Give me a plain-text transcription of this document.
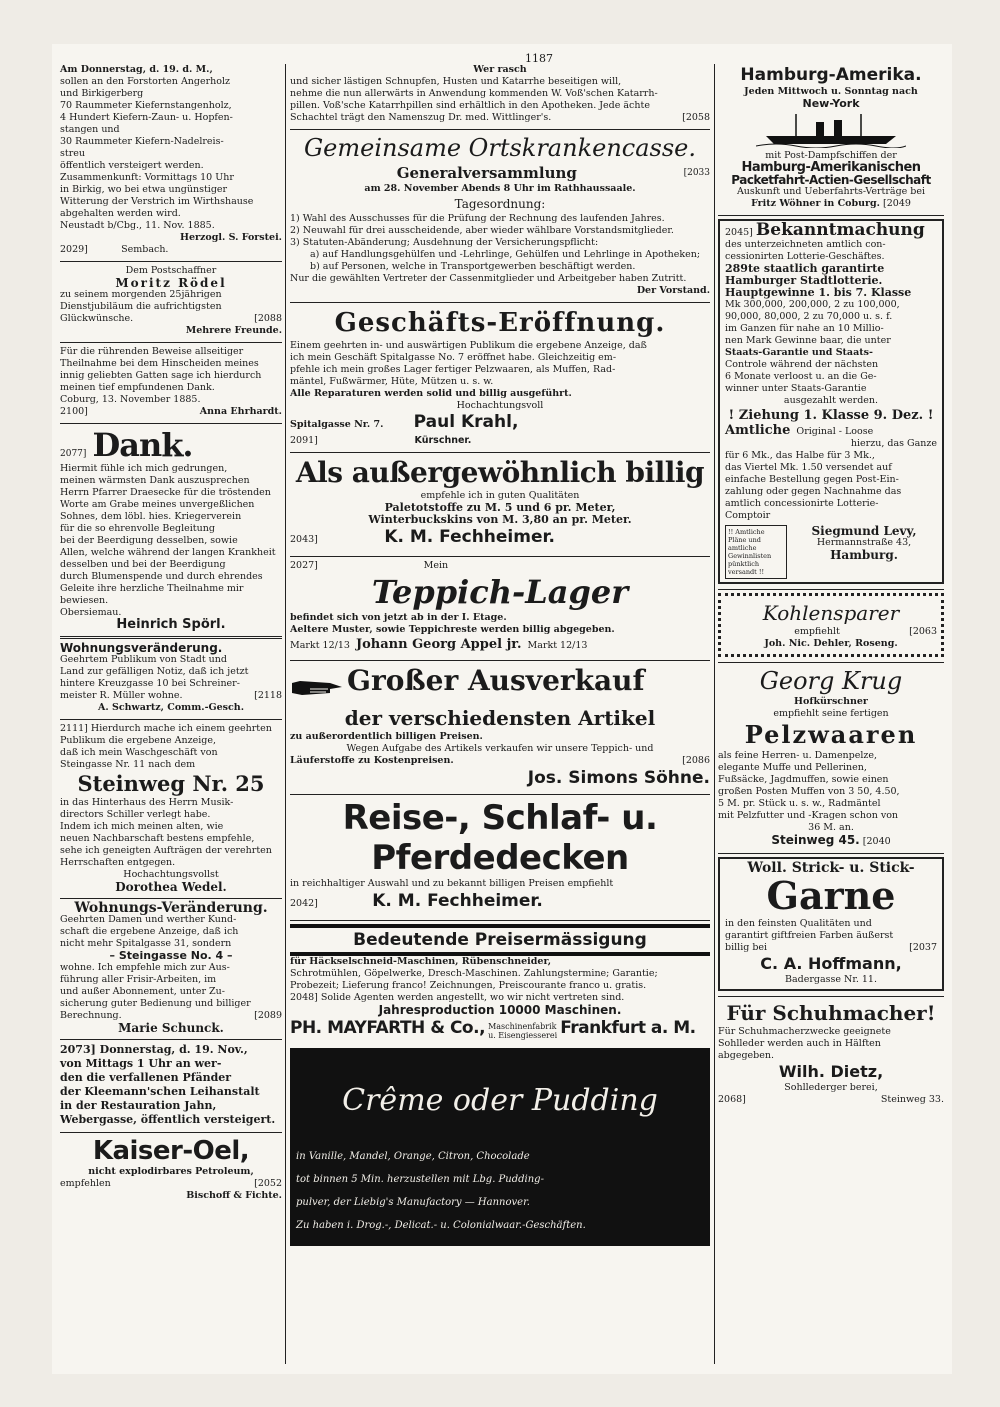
1187

Am Donnerstag, d. 19. d. M.,

sollen an den Forstorten Angerholz

und Birkigerberg

70 Raummeter Kiefernstangenholz,

4 Hundert Kiefern-Zaun- u. Hopfen-

stangen und

30 Raummeter Kiefern-Nadelreis-

streu

öffentlich versteigert werden.

Zusammenkunft: Vormittags 10 Uhr

in Birkig, wo bei etwa ungünstiger

Witterung der Verstrich im Wirthshause

abgehalten werden wird.

Neustadt b/Cbg., 11. Nov. 1885.

Herzogl. S. Forstei.

2029]	Sembach.

Dem Postschaffner

Moritz Rödel

zu seinem morgenden 25jährigen

Dienstjubiläum die aufrichtigsten

Glückwünsche.	[2088

Mehrere Freunde.

Für die rührenden Beweise allseitiger

Theilnahme bei dem Hinscheiden meines

innig geliebten Gatten sage ich hierdurch

meinen tief empfundenen Dank.

Coburg, 13. November 1885.

2100]	Anna Ehrhardt.

2077] Dank.

Hiermit fühle ich mich gedrungen,

meinen wärmsten Dank auszusprechen

Herrn Pfarrer Draesecke für die tröstenden

Worte am Grabe meines unvergeßlichen

Sohnes, dem löbl. hies. Kriegerverein

für die so ehrenvolle Begleitung

bei der Beerdigung desselben, sowie

Allen, welche während der langen Krankheit

desselben und bei der Beerdigung

durch Blumenspende und durch ehrendes

Geleite ihre herzliche Theilnahme mir

bewiesen.

Obersiemau.

Heinrich Spörl.

Wohnungsveränderung.

Geehrtem Publikum von Stadt und

Land zur gefälligen Notiz, daß ich jetzt

hintere Kreuzgasse 10 bei Schreiner-

meister R. Müller wohne.	[2118

A. Schwartz, Comm.-Gesch.

2111] Hierdurch mache ich einem geehrten

Publikum die ergebene Anzeige,

daß ich mein Waschgeschäft von

Steingasse Nr. 11 nach dem

Steinweg Nr. 25

in das Hinterhaus des Herrn Musik-

directors Schiller verlegt habe.

Indem ich mich meinen alten, wie

neuen Nachbarschaft bestens empfehle,

sehe ich geneigten Aufträgen der verehrten

Herrschaften entgegen.

Hochachtungsvollst

Dorothea Wedel.

Wohnungs-Veränderung.

Geehrten Damen und werther Kund-

schaft die ergebene Anzeige, daß ich

nicht mehr Spitalgasse 31, sondern

– Steingasse No. 4 –

wohne. Ich empfehle mich zur Aus-

führung aller Frisir-Arbeiten, im

und außer Abonnement, unter Zu-

sicherung guter Bedienung und billiger

Berechnung.	[2089

Marie Schunck.

2073] Donnerstag, d. 19. Nov.,

von Mittags 1 Uhr an wer-

den die verfallenen Pfänder

der Kleemann'schen Leihanstalt

in der Restauration Jahn,

Webergasse, öffentlich versteigert.

Kaiser-Oel,

nicht explodirbares Petroleum,

empfehlen	[2052

Bischoff & Fichte.

Wer rasch

und sicher lästigen Schnupfen, Husten und Katarrhe beseitigen will,

nehme die nun allerwärts in Anwendung kommenden W. Voß'schen Katarrh-

pillen. Voß'sche Katarrhpillen sind erhältlich in den Apotheken. Jede ächte

Schachtel trägt den Namenszug Dr. med. Wittlinger's.	[2058

Gemeinsame Ortskrankencasse.

Generalversammlung	[2033

am 28. November Abends 8 Uhr im Rathhaussaale.

Tagesordnung:

1) Wahl des Ausschusses für die Prüfung der Rechnung des laufenden Jahres.

2) Neuwahl für drei ausscheidende, aber wieder wählbare Vorstandsmitglieder.

3) Statuten-Abänderung; Ausdehnung der Versicherungspflicht:

a) auf Handlungsgehülfen und -Lehrlinge, Gehülfen und Lehrlinge in Apotheken;

b) auf Personen, welche in Transportgewerben beschäftigt werden.

Nur die gewählten Vertreter der Cassenmitglieder und Arbeitgeber haben Zutritt.

Der Vorstand.

Geschäfts-Eröffnung.

Einem geehrten in- und auswärtigen Publikum die ergebene Anzeige, daß

ich mein Geschäft Spitalgasse No. 7 eröffnet habe. Gleichzeitig em-

pfehle ich mein großes Lager fertiger Pelzwaaren, als Muffen, Rad-

mäntel, Fußwärmer, Hüte, Mützen u. s. w.

Alle Reparaturen werden solid und billig ausgeführt.

Hochachtungsvoll

Spitalgasse Nr. 7. Paul Krahl,

2091]	Kürschner.

Als außergewöhnlich billig

empfehle ich in guten Qualitäten

Paletotstoffe zu M. 5 und 6 pr. Meter,

Winterbuckskins von M. 3,80 an pr. Meter.

2043]	K. M. Fechheimer.

2027]	Mein

Teppich-Lager

befindet sich von jetzt ab in der I. Etage.

Aeltere Muster, sowie Teppichreste werden billig abgegeben.

Markt 12/13 Johann Georg Appel jr. Markt 12/13

Großer Ausverkauf

der verschiedensten Artikel

zu außerordentlich billigen Preisen.

Wegen Aufgabe des Artikels verkaufen wir unsere Teppich- und

Läuferstoffe zu Kostenpreisen.	[2086

Jos. Simons Söhne.

Reise-, Schlaf- u. Pferdedecken

in reichhaltiger Auswahl und zu bekannt billigen Preisen empfiehlt

2042]	K. M. Fechheimer.

Bedeutende Preisermässigung

für Häckselschneid-Maschinen, Rübenschneider,

Schrotmühlen, Göpelwerke, Dresch-Maschinen. Zahlungstermine; Garantie;

Probezeit; Lieferung franco! Zeichnungen, Preiscourante franco u. gratis.

2048] Solide Agenten werden angestellt, wo wir nicht vertreten sind.

Jahresproduction 10000 Maschinen.

PH. MAYFARTH & Co., Maschinenfabrik
u. Eisengiesserei Frankfurt a. M.

Crême oder Pudding

in Vanille, Mandel, Orange, Citron, Chocolade

tot binnen 5 Min. herzustellen mit Lbg. Pudding-

pulver, der Liebig's Manufactory — Hannover.

Zu haben i. Drog.-, Delicat.- u. Colonialwaar.-Geschäften.

Hamburg-Amerika.

Jeden Mittwoch u. Sonntag nach

New-York

mit Post-Dampfschiffen der

Hamburg-Amerikanischen

Packetfahrt-Actien-Gesellschaft

Auskunft und Ueberfahrts-Verträge bei

Fritz Wöhner in Coburg. [2049

2045] Bekanntmachung

des unterzeichneten amtlich con-

cessionirten Lotterie-Geschäftes.

289te staatlich garantirte

Hamburger Stadtlotterie.

Hauptgewinne 1. bis 7. Klasse

Mk 300,000, 200,000, 2 zu 100,000,

90,000, 80,000, 2 zu 70,000 u. s. f.

im Ganzen für nahe an 10 Millio-

nen Mark Gewinne baar, die unter

Staats-Garantie und Staats-

Controle während der nächsten

6 Monate verloost u. an die Ge-

winner unter Staats-Garantie

ausgezahlt werden.

! Ziehung 1. Klasse 9. Dez. !

Amtliche Original - Loose

hierzu, das Ganze

für 6 Mk., das Halbe für 3 Mk.,

das Viertel Mk. 1.50 versendet auf

einfache Bestellung gegen Post-Ein-

zahlung oder gegen Nachnahme das

amtlich concessionirte Lotterie-

Comptoir

!! Amtliche Pläne und amtliche Gewinnlisten pünktlich versandt !!

Siegmund Levy,

Hermannstraße 43,

Hamburg.

Kohlensparer

empfiehlt	[2063

Joh. Nic. Dehler, Roseng.

Georg Krug

Hofkürschner

empfiehlt seine fertigen

Pelzwaaren

als feine Herren- u. Damenpelze,

elegante Muffe und Pellerinen,

Fußsäcke, Jagdmuffen, sowie einen

großen Posten Muffen von 3 50, 4.50,

5 M. pr. Stück u. s. w., Radmäntel

mit Pelzfutter und -Kragen schon von

36 M. an.

Steinweg 45. [2040

Woll. Strick- u. Stick-

Garne

in den feinsten Qualitäten und

garantirt giftfreien Farben äußerst

billig bei	[2037

C. A. Hoffmann,

Badergasse Nr. 11.

Für Schuhmacher!

Für Schuhmacherzwecke geeignete

Sohlleder werden auch in Hälften

abgegeben.

Wilh. Dietz,

Sohllederger berei,

2068]	Steinweg 33.
